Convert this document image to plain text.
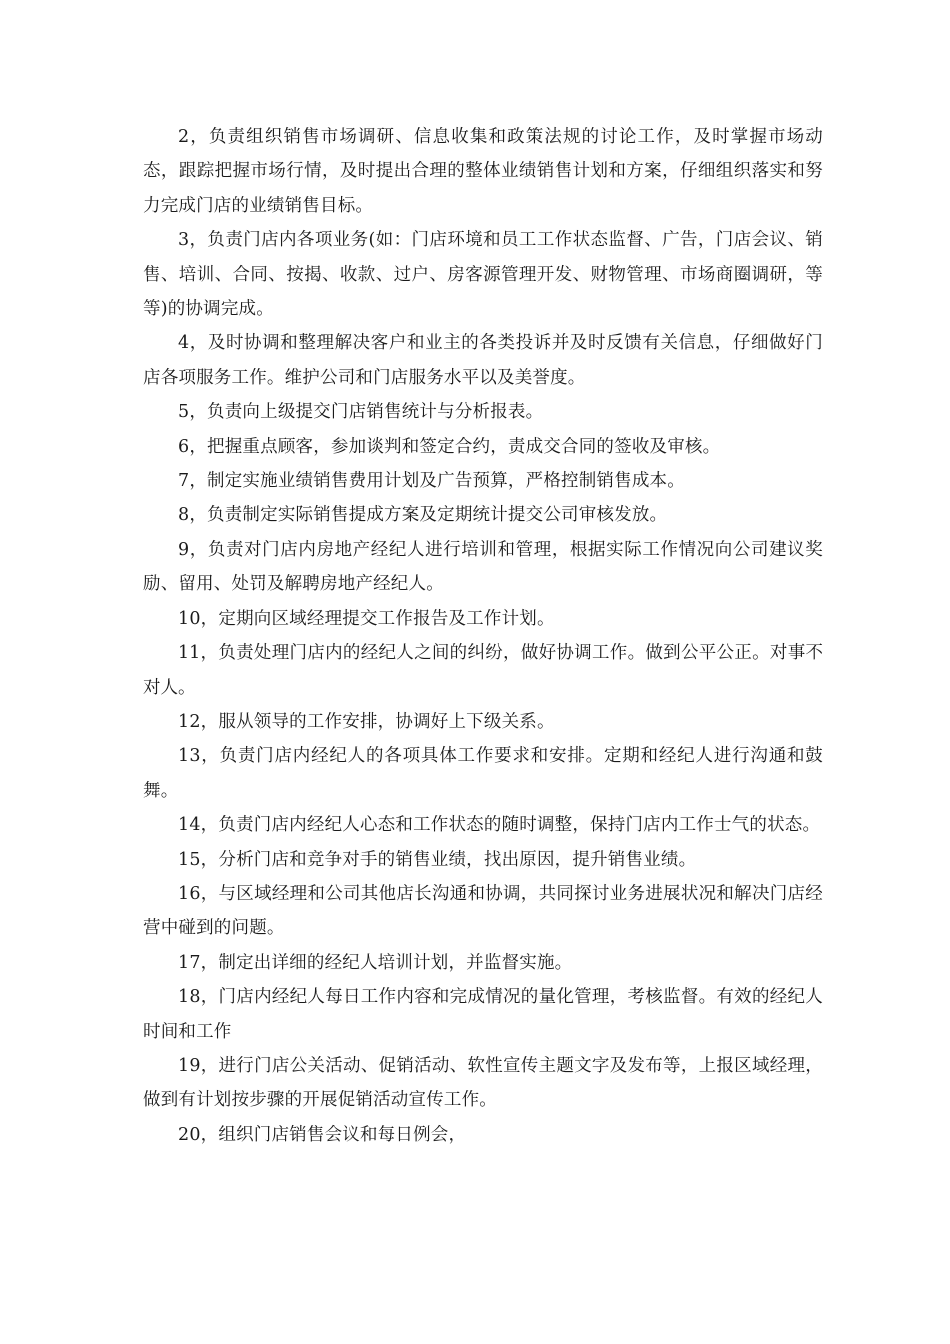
2，负责组织销售市场调研、信息收集和政策法规的讨论工作，及时掌握市场动态，跟踪把握市场行情，及时提出合理的整体业绩销售计划和方案，仔细组织落实和努力完成门店的业绩销售目标。

3，负责门店内各项业务(如：门店环境和员工工作状态监督、广告，门店会议、销售、培训、合同、按揭、收款、过户、房客源管理开发、财物管理、市场商圈调研，等等)的协调完成。

4，及时协调和整理解决客户和业主的各类投诉并及时反馈有关信息，仔细做好门店各项服务工作。维护公司和门店服务水平以及美誉度。

5，负责向上级提交门店销售统计与分析报表。

6，把握重点顾客，参加谈判和签定合约，责成交合同的签收及审核。

7，制定实施业绩销售费用计划及广告预算，严格控制销售成本。

8，负责制定实际销售提成方案及定期统计提交公司审核发放。

9，负责对门店内房地产经纪人进行培训和管理，根据实际工作情况向公司建议奖励、留用、处罚及解聘房地产经纪人。

10，定期向区域经理提交工作报告及工作计划。

11，负责处理门店内的经纪人之间的纠纷，做好协调工作。做到公平公正。对事不对人。

12，服从领导的工作安排，协调好上下级关系。

13，负责门店内经纪人的各项具体工作要求和安排。定期和经纪人进行沟通和鼓舞。

14，负责门店内经纪人心态和工作状态的随时调整，保持门店内工作士气的状态。

15，分析门店和竞争对手的销售业绩，找出原因，提升销售业绩。

16，与区域经理和公司其他店长沟通和协调，共同探讨业务进展状况和解决门店经营中碰到的问题。

17，制定出详细的经纪人培训计划，并监督实施。

18，门店内经纪人每日工作内容和完成情况的量化管理，考核监督。有效的经纪人时间和工作

19，进行门店公关活动、促销活动、软性宣传主题文字及发布等，上报区域经理，做到有计划按步骤的开展促销活动宣传工作。

20，组织门店销售会议和每日例会，
